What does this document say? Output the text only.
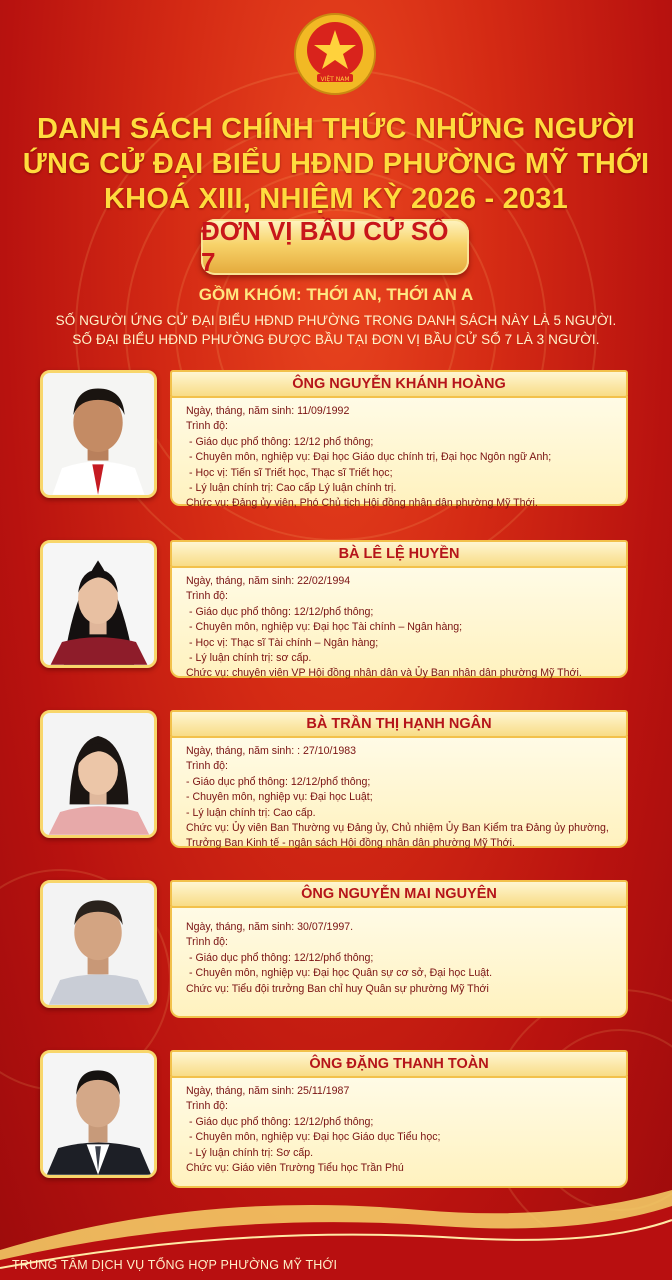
VIỆT NAM
DANH SÁCH CHÍNH THỨC NHỮNG NGƯỜI
ỨNG CỬ ĐẠI BIỂU HĐND PHƯỜNG MỸ THỚI
KHOÁ XIII, NHIỆM KỲ 2026 - 2031
ĐƠN VỊ BẦU CỬ SỐ 7
GỒM KHÓM: THỚI AN, THỚI AN A
SỐ NGƯỜI ỨNG CỬ ĐẠI BIỂU HĐND PHƯỜNG TRONG DANH SÁCH NÀY LÀ 5 NGƯỜI.
SỐ ĐẠI BIỂU HĐND PHƯỜNG ĐƯỢC BẦU TẠI ĐƠN VỊ BẦU CỬ SỐ 7 LÀ 3 NGƯỜI.
ÔNG NGUYỄN KHÁNH HOÀNG
Ngày, tháng, năm sinh: 11/09/1992
Trình độ:
- Giáo dục phổ thông: 12/12 phổ thông;
- Chuyên môn, nghiệp vụ: Đại học Giáo dục chính trị, Đại học Ngôn ngữ Anh;
- Học vị: Tiến sĩ Triết học, Thạc sĩ Triết học;
- Lý luận chính trị: Cao cấp Lý luận chính trị.
Chức vụ: Đảng ủy viên, Phó Chủ tịch Hội đồng nhân dân phường Mỹ Thới.
BÀ LÊ LỆ HUYỀN
Ngày, tháng, năm sinh: 22/02/1994
Trình độ:
- Giáo dục phổ thông: 12/12/phổ thông;
- Chuyên môn, nghiệp vụ: Đại học Tài chính – Ngân hàng;
- Học vị: Thạc sĩ Tài chính – Ngân hàng;
- Lý luận chính trị: sơ cấp.
Chức vụ: chuyên viên VP Hội đồng nhân dân và Ủy Ban nhân dân phường Mỹ Thới.
BÀ TRẦN THỊ HẠNH NGÂN
Ngày, tháng, năm sinh: : 27/10/1983
Trình độ:
- Giáo dục phổ thông: 12/12/phổ thông;
- Chuyên môn, nghiệp vụ: Đại học Luật;
- Lý luận chính trị: Cao cấp.
Chức vụ: Ủy viên Ban Thường vụ Đảng ủy, Chủ nhiệm Ủy Ban Kiểm tra Đảng ủy phường,
Trưởng Ban Kinh tế - ngân sách Hội đồng nhân dân phường Mỹ Thới.
ÔNG NGUYỄN MAI NGUYÊN
Ngày, tháng, năm sinh: 30/07/1997.
Trình độ:
- Giáo dục phổ thông: 12/12/phổ thông;
- Chuyên môn, nghiệp vụ: Đại học Quân sự cơ sở, Đại học Luật.
Chức vụ: Tiểu đội trưởng Ban chỉ huy Quân sự phường Mỹ Thới
ÔNG ĐẶNG THANH TOÀN
Ngày, tháng, năm sinh: 25/11/1987
Trình độ:
- Giáo dục phổ thông: 12/12/phổ thông;
- Chuyên môn, nghiệp vụ: Đại học Giáo dục Tiểu học;
- Lý luận chính trị: Sơ cấp.
Chức vụ: Giáo viên Trường Tiểu học Trần Phú
TRUNG TÂM DỊCH VỤ TỔNG HỢP PHƯỜNG MỸ THỚI
